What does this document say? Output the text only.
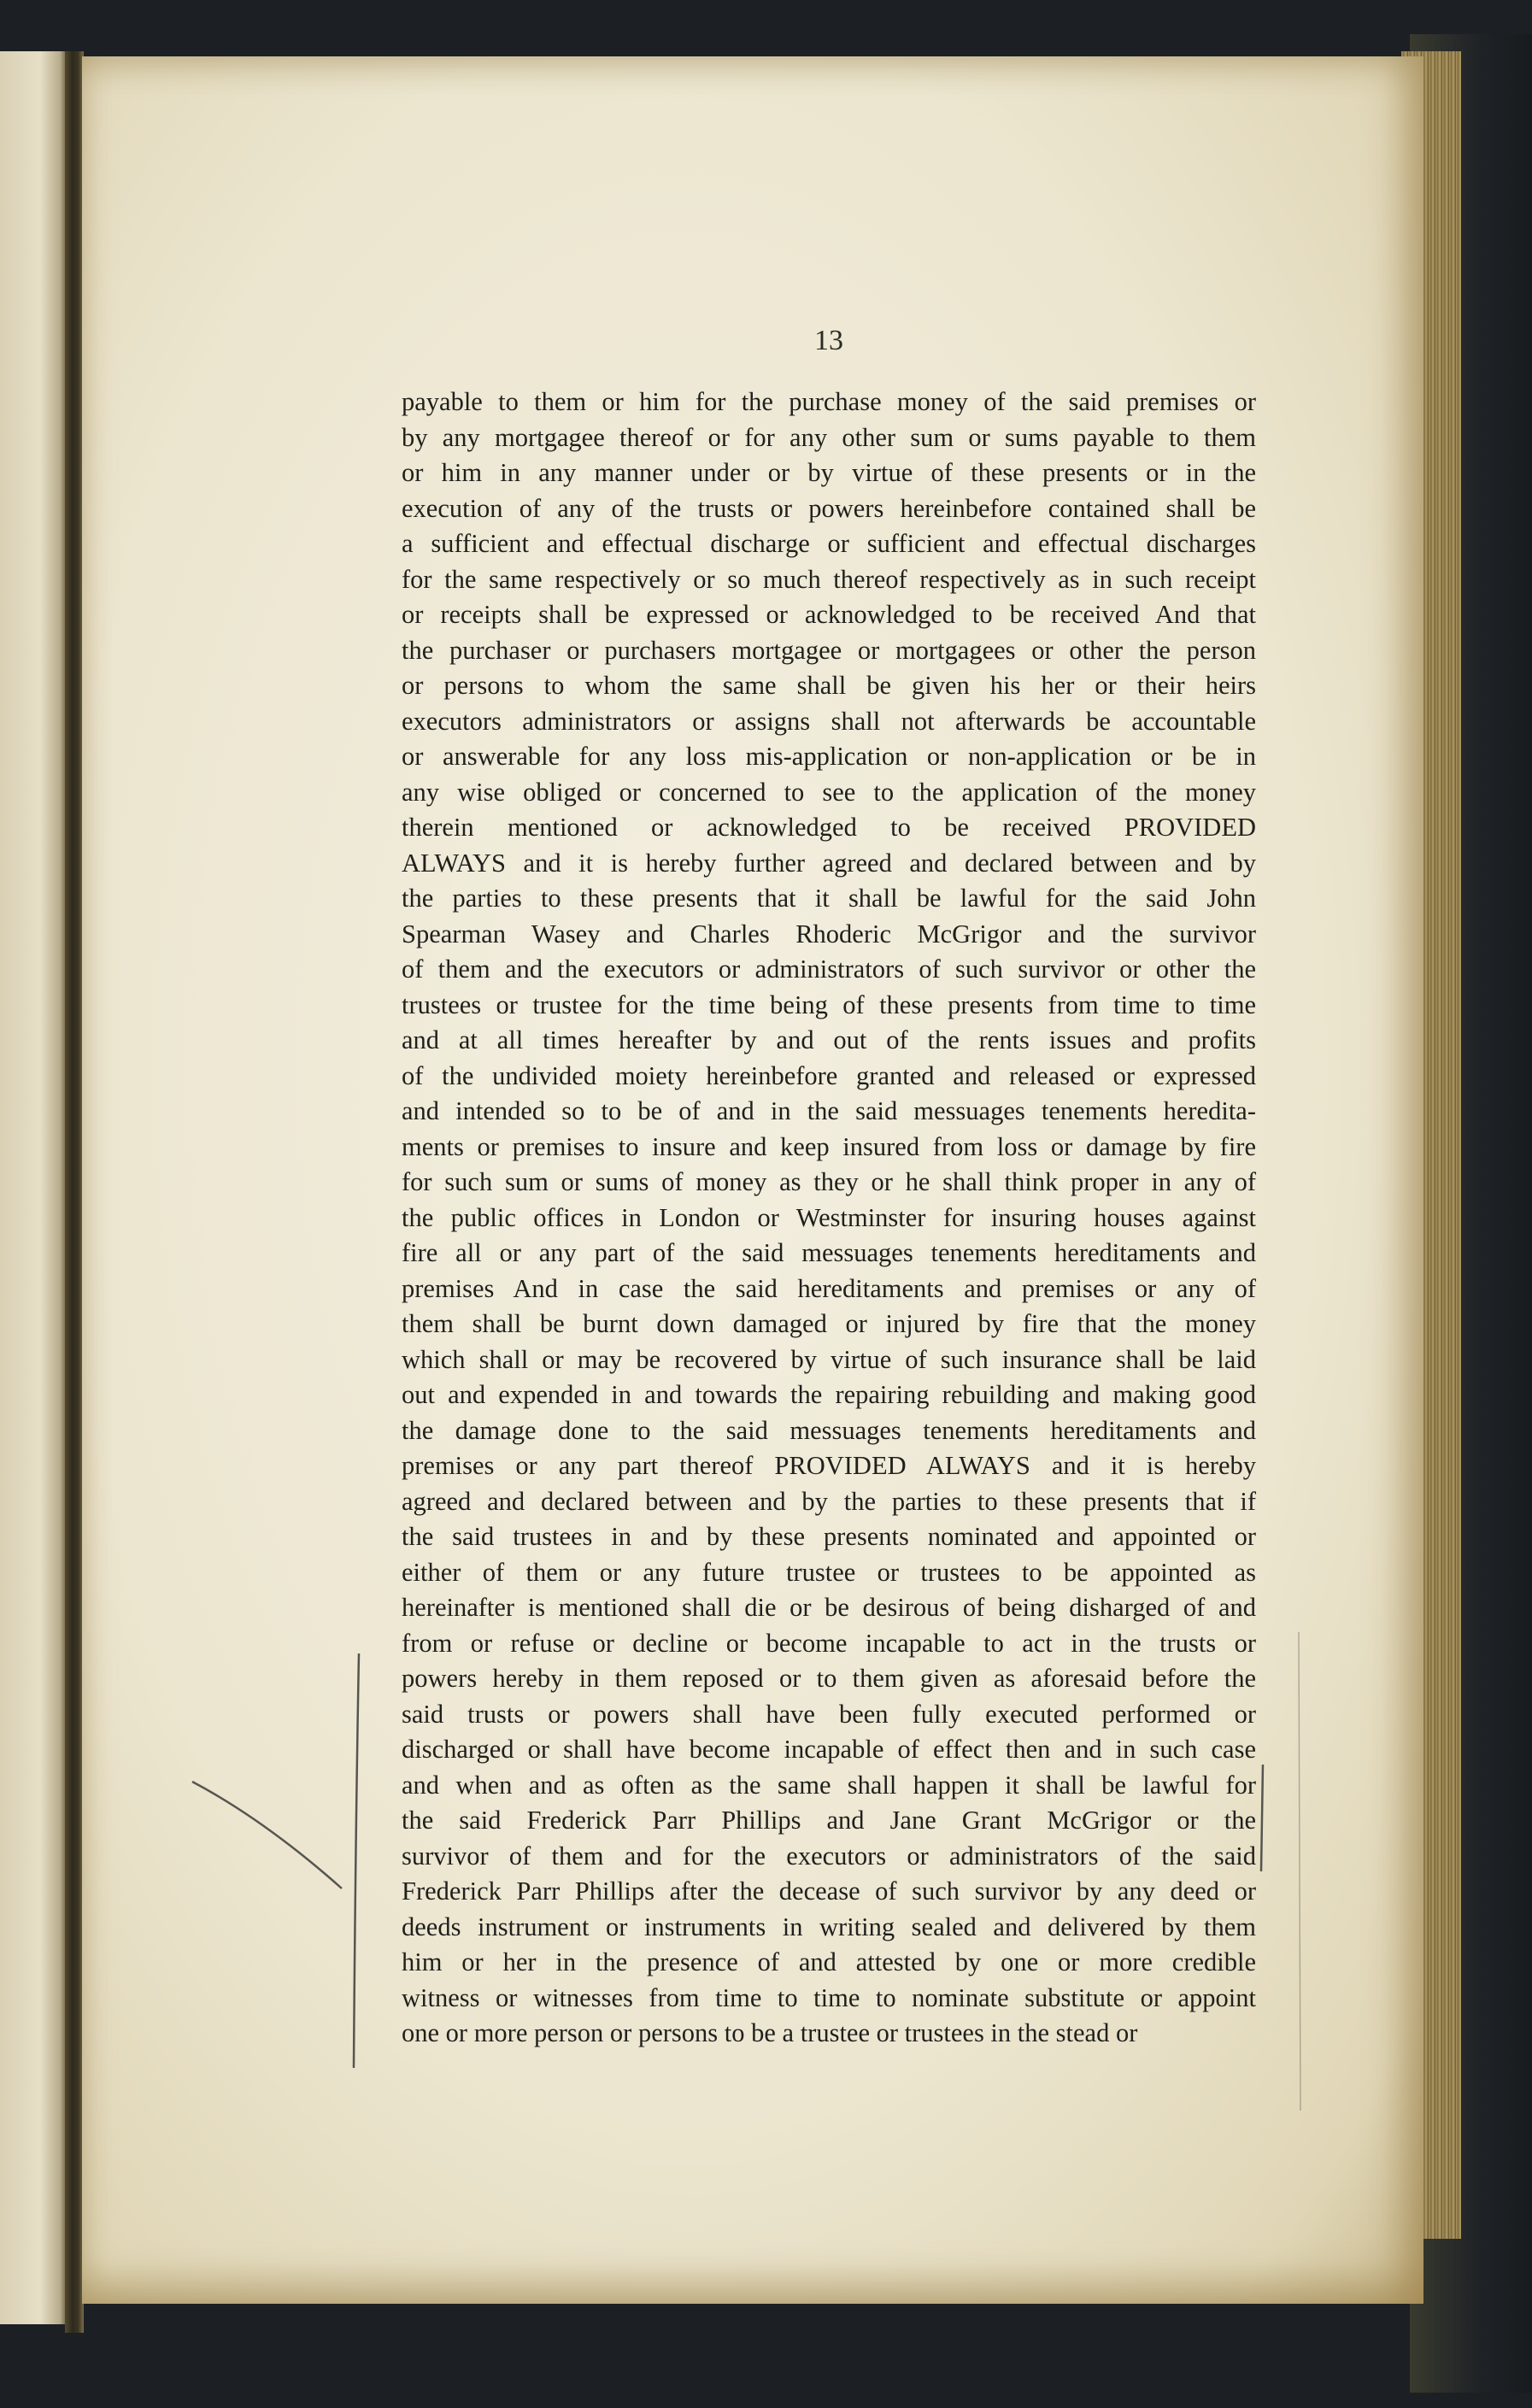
13
payable to them or him for the purchase money of the said premises or
by any mortgagee thereof or for any other sum or sums payable to them
or him in any manner under or by virtue of these presents or in the
execution of any of the trusts or powers hereinbefore contained shall be
a sufficient and effectual discharge or sufficient and effectual discharges
for the same respectively or so much thereof respectively as in such receipt
or receipts shall be expressed or acknowledged to be received And that
the purchaser or purchasers mortgagee or mortgagees or other the person
or persons to whom the same shall be given his her or their heirs
executors administrators or assigns shall not afterwards be accountable
or answerable for any loss mis-application or non-application or be in
any wise obliged or concerned to see to the application of the money
therein mentioned or acknowledged to be received PROVIDED
ALWAYS and it is hereby further agreed and declared between and by
the parties to these presents that it shall be lawful for the said John
Spearman Wasey and Charles Rhoderic McGrigor and the survivor
of them and the executors or administrators of such survivor or other the
trustees or trustee for the time being of these presents from time to time
and at all times hereafter by and out of the rents issues and profits
of the undivided moiety hereinbefore granted and released or expressed
and intended so to be of and in the said messuages tenements heredita-
ments or premises to insure and keep insured from loss or damage by fire
for such sum or sums of money as they or he shall think proper in any of
the public offices in London or Westminster for insuring houses against
fire all or any part of the said messuages tenements hereditaments and
premises And in case the said hereditaments and premises or any of
them shall be burnt down damaged or injured by fire that the money
which shall or may be recovered by virtue of such insurance shall be laid
out and expended in and towards the repairing rebuilding and making good
the damage done to the said messuages tenements hereditaments and
premises or any part thereof PROVIDED ALWAYS and it is hereby
agreed and declared between and by the parties to these presents that if
the said trustees in and by these presents nominated and appointed or
either of them or any future trustee or trustees to be appointed as
hereinafter is mentioned shall die or be desirous of being disharged of and
from or refuse or decline or become incapable to act in the trusts or
powers hereby in them reposed or to them given as aforesaid before the
said trusts or powers shall have been fully executed performed or
discharged or shall have become incapable of effect then and in such case
and when and as often as the same shall happen it shall be lawful for
the said Frederick Parr Phillips and Jane Grant McGrigor or the
survivor of them and for the executors or administrators of the said
Frederick Parr Phillips after the decease of such survivor by any deed or
deeds instrument or instruments in writing sealed and delivered by them
him or her in the presence of and attested by one or more credible
witness or witnesses from time to time to nominate substitute or appoint
one or more person or persons to be a trustee or trustees in the stead or
